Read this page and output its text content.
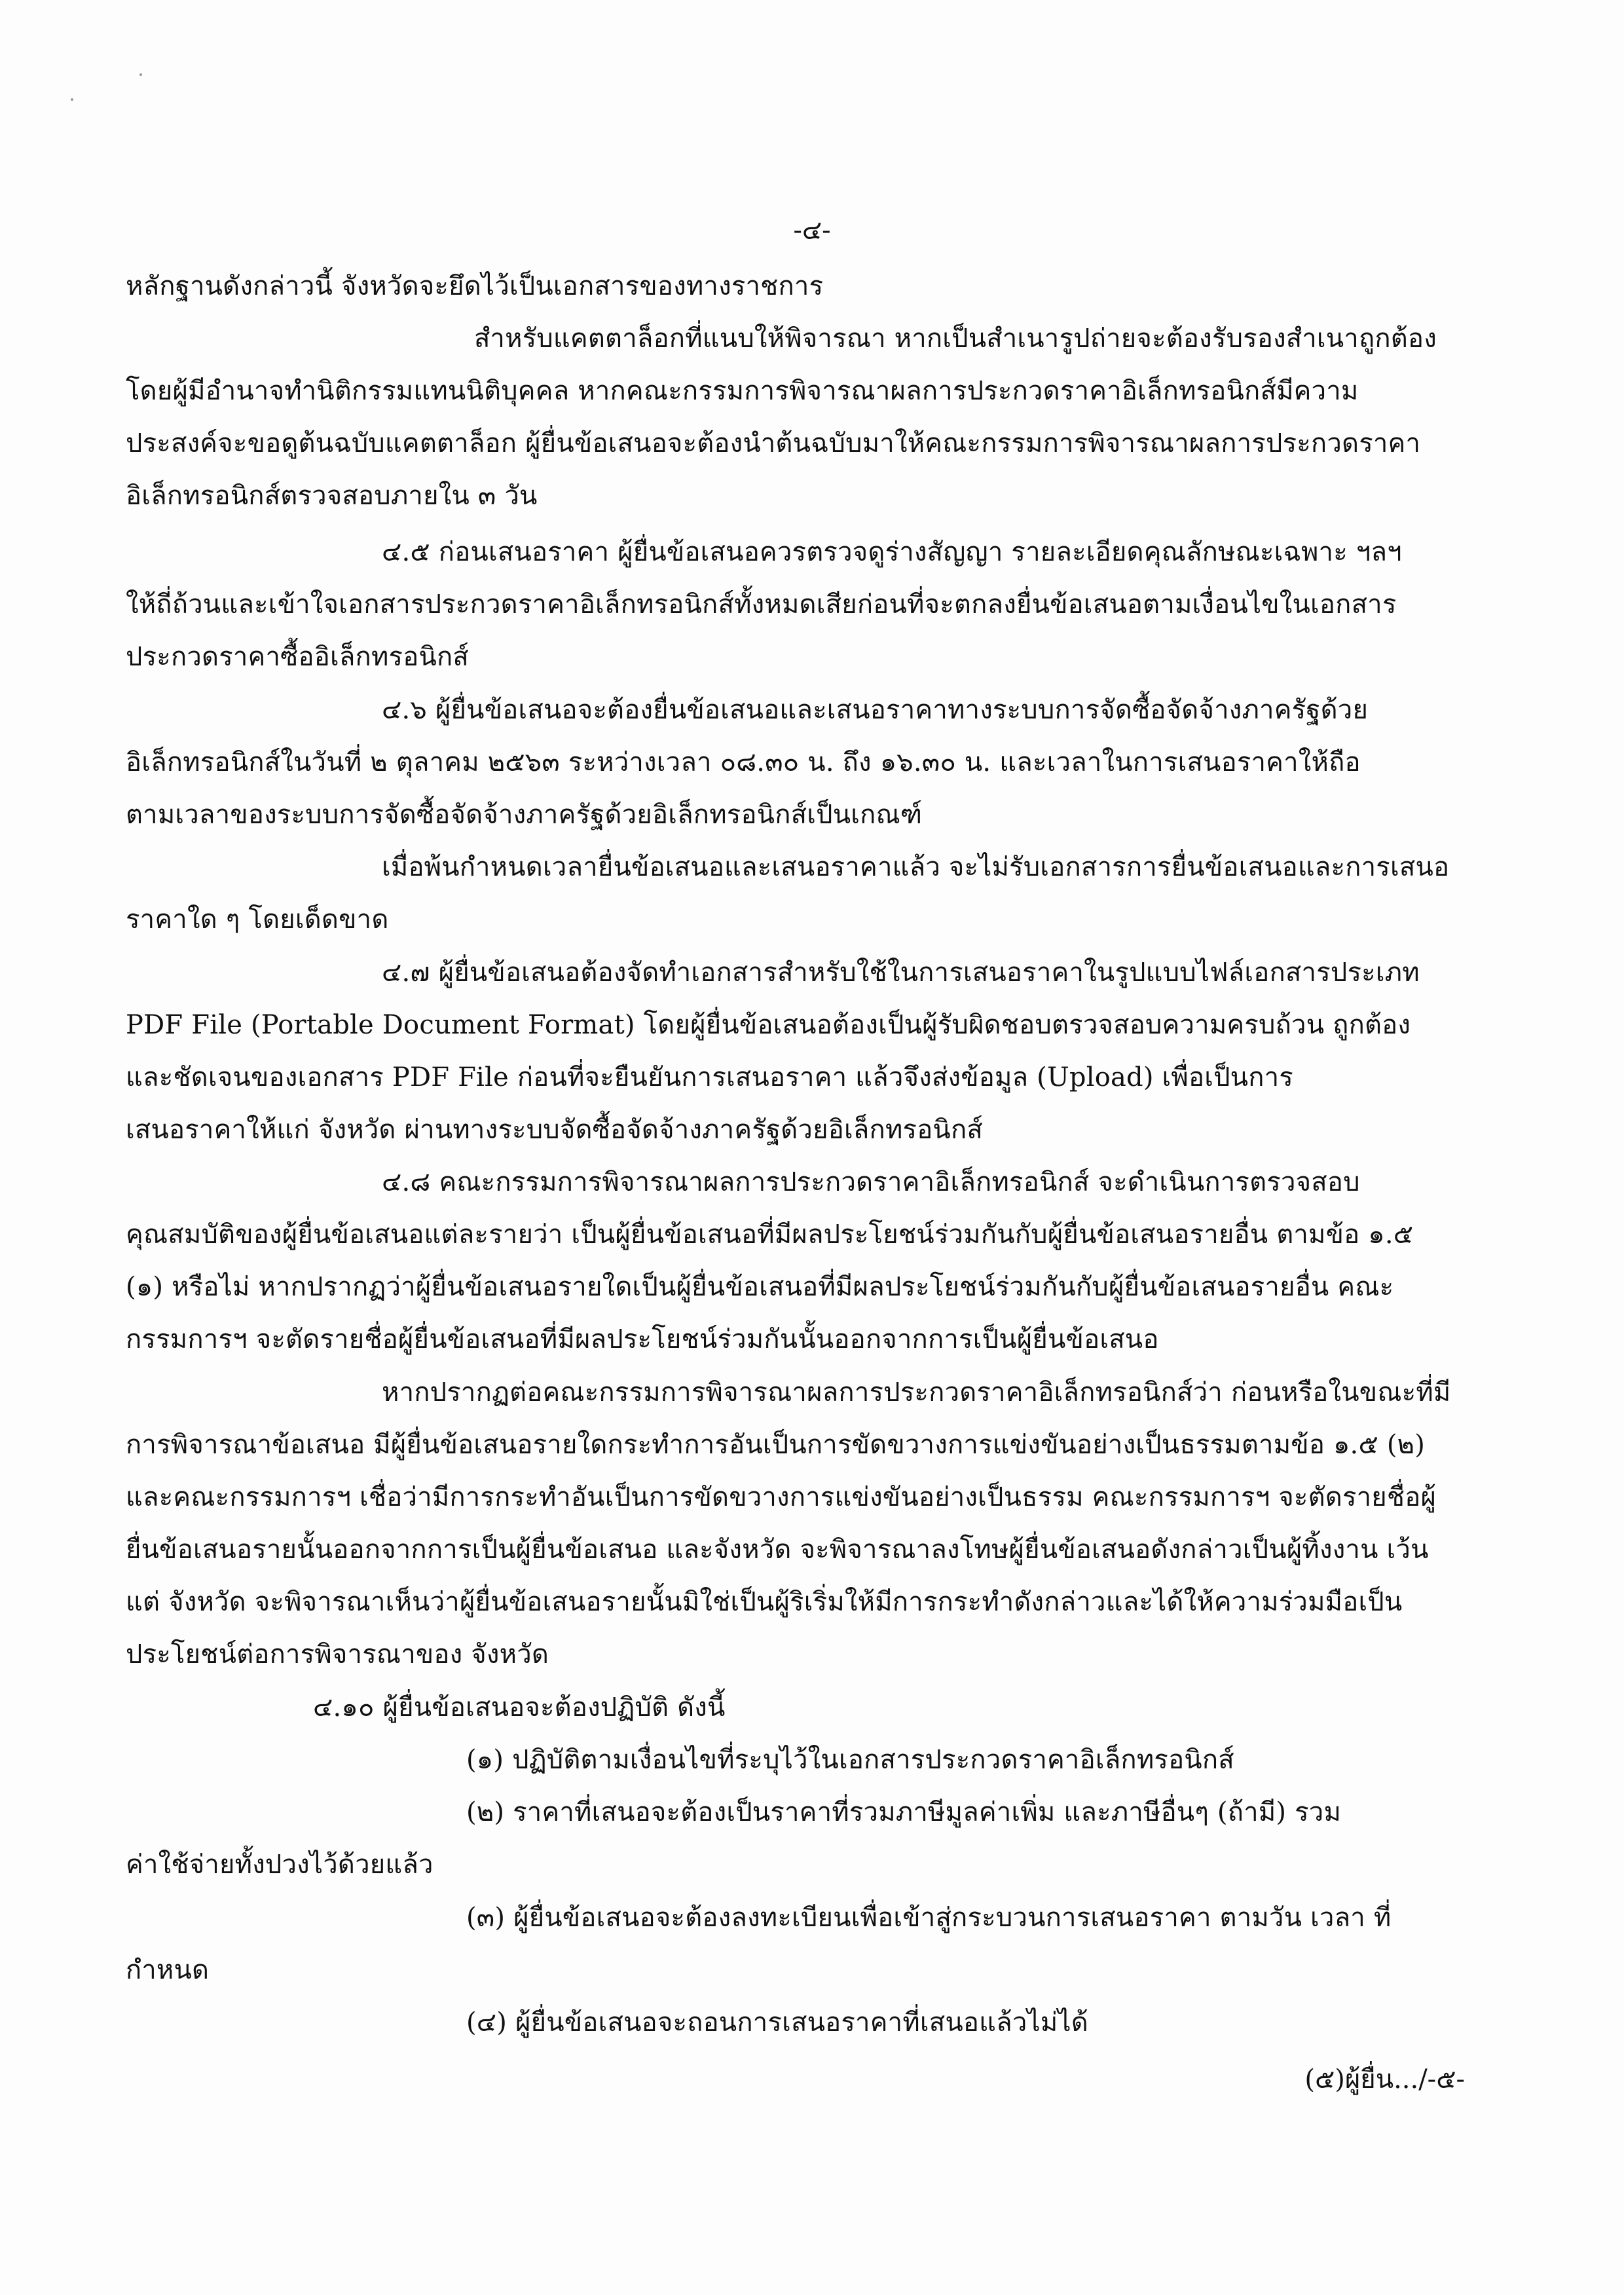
-๔-
หลักฐานดังกล่าวนี้ จังหวัดจะยึดไว้เป็นเอกสารของทางราชการ
สำหรับแคตตาล็อกที่แนบให้พิจารณา หากเป็นสำเนารูปถ่ายจะต้องรับรองสำเนาถูกต้อง
โดยผู้มีอำนาจทำนิติกรรมแทนนิติบุคคล หากคณะกรรมการพิจารณาผลการประกวดราคาอิเล็กทรอนิกส์มีความ
ประสงค์จะขอดูต้นฉบับแคตตาล็อก ผู้ยื่นข้อเสนอจะต้องนำต้นฉบับมาให้คณะกรรมการพิจารณาผลการประกวดราคา
อิเล็กทรอนิกส์ตรวจสอบภายใน ๓ วัน
๔.๕ ก่อนเสนอราคา ผู้ยื่นข้อเสนอควรตรวจดูร่างสัญญา รายละเอียดคุณลักษณะเฉพาะ ฯลฯ
ให้ถี่ถ้วนและเข้าใจเอกสารประกวดราคาอิเล็กทรอนิกส์ทั้งหมดเสียก่อนที่จะตกลงยื่นข้อเสนอตามเงื่อนไขในเอกสาร
ประกวดราคาซื้ออิเล็กทรอนิกส์
๔.๖ ผู้ยื่นข้อเสนอจะต้องยื่นข้อเสนอและเสนอราคาทางระบบการจัดซื้อจัดจ้างภาครัฐด้วย
อิเล็กทรอนิกส์ในวันที่ ๒ ตุลาคม ๒๕๖๓ ระหว่างเวลา ๐๘.๓๐ น. ถึง ๑๖.๓๐ น. และเวลาในการเสนอราคาให้ถือ
ตามเวลาของระบบการจัดซื้อจัดจ้างภาครัฐด้วยอิเล็กทรอนิกส์เป็นเกณฑ์
เมื่อพ้นกำหนดเวลายื่นข้อเสนอและเสนอราคาแล้ว จะไม่รับเอกสารการยื่นข้อเสนอและการเสนอ
ราคาใด ๆ โดยเด็ดขาด
๔.๗ ผู้ยื่นข้อเสนอต้องจัดทำเอกสารสำหรับใช้ในการเสนอราคาในรูปแบบไฟล์เอกสารประเภท
PDF File (Portable Document Format) โดยผู้ยื่นข้อเสนอต้องเป็นผู้รับผิดชอบตรวจสอบความครบถ้วน ถูกต้อง
และชัดเจนของเอกสาร PDF File ก่อนที่จะยืนยันการเสนอราคา แล้วจึงส่งข้อมูล (Upload) เพื่อเป็นการ
เสนอราคาให้แก่ จังหวัด ผ่านทางระบบจัดซื้อจัดจ้างภาครัฐด้วยอิเล็กทรอนิกส์
๔.๘ คณะกรรมการพิจารณาผลการประกวดราคาอิเล็กทรอนิกส์ จะดำเนินการตรวจสอบ
คุณสมบัติของผู้ยื่นข้อเสนอแต่ละรายว่า เป็นผู้ยื่นข้อเสนอที่มีผลประโยชน์ร่วมกันกับผู้ยื่นข้อเสนอรายอื่น ตามข้อ ๑.๕
(๑) หรือไม่ หากปรากฏว่าผู้ยื่นข้อเสนอรายใดเป็นผู้ยื่นข้อเสนอที่มีผลประโยชน์ร่วมกันกับผู้ยื่นข้อเสนอรายอื่น คณะ
กรรมการฯ จะตัดรายชื่อผู้ยื่นข้อเสนอที่มีผลประโยชน์ร่วมกันนั้นออกจากการเป็นผู้ยื่นข้อเสนอ
หากปรากฏต่อคณะกรรมการพิจารณาผลการประกวดราคาอิเล็กทรอนิกส์ว่า ก่อนหรือในขณะที่มี
การพิจารณาข้อเสนอ มีผู้ยื่นข้อเสนอรายใดกระทำการอันเป็นการขัดขวางการแข่งขันอย่างเป็นธรรมตามข้อ ๑.๕ (๒)
และคณะกรรมการฯ เชื่อว่ามีการกระทำอันเป็นการขัดขวางการแข่งขันอย่างเป็นธรรม คณะกรรมการฯ จะตัดรายชื่อผู้
ยื่นข้อเสนอรายนั้นออกจากการเป็นผู้ยื่นข้อเสนอ และจังหวัด จะพิจารณาลงโทษผู้ยื่นข้อเสนอดังกล่าวเป็นผู้ทิ้งงาน เว้น
แต่ จังหวัด จะพิจารณาเห็นว่าผู้ยื่นข้อเสนอรายนั้นมิใช่เป็นผู้ริเริ่มให้มีการกระทำดังกล่าวและได้ให้ความร่วมมือเป็น
ประโยชน์ต่อการพิจารณาของ จังหวัด
๔.๑๐ ผู้ยื่นข้อเสนอจะต้องปฏิบัติ ดังนี้
(๑) ปฏิบัติตามเงื่อนไขที่ระบุไว้ในเอกสารประกวดราคาอิเล็กทรอนิกส์
(๒) ราคาที่เสนอจะต้องเป็นราคาที่รวมภาษีมูลค่าเพิ่ม และภาษีอื่นๆ (ถ้ามี) รวม
ค่าใช้จ่ายทั้งปวงไว้ด้วยแล้ว
(๓) ผู้ยื่นข้อเสนอจะต้องลงทะเบียนเพื่อเข้าสู่กระบวนการเสนอราคา ตามวัน เวลา ที่
กำหนด
(๔) ผู้ยื่นข้อเสนอจะถอนการเสนอราคาที่เสนอแล้วไม่ได้
(๕)ผู้ยื่น.../-๕-
